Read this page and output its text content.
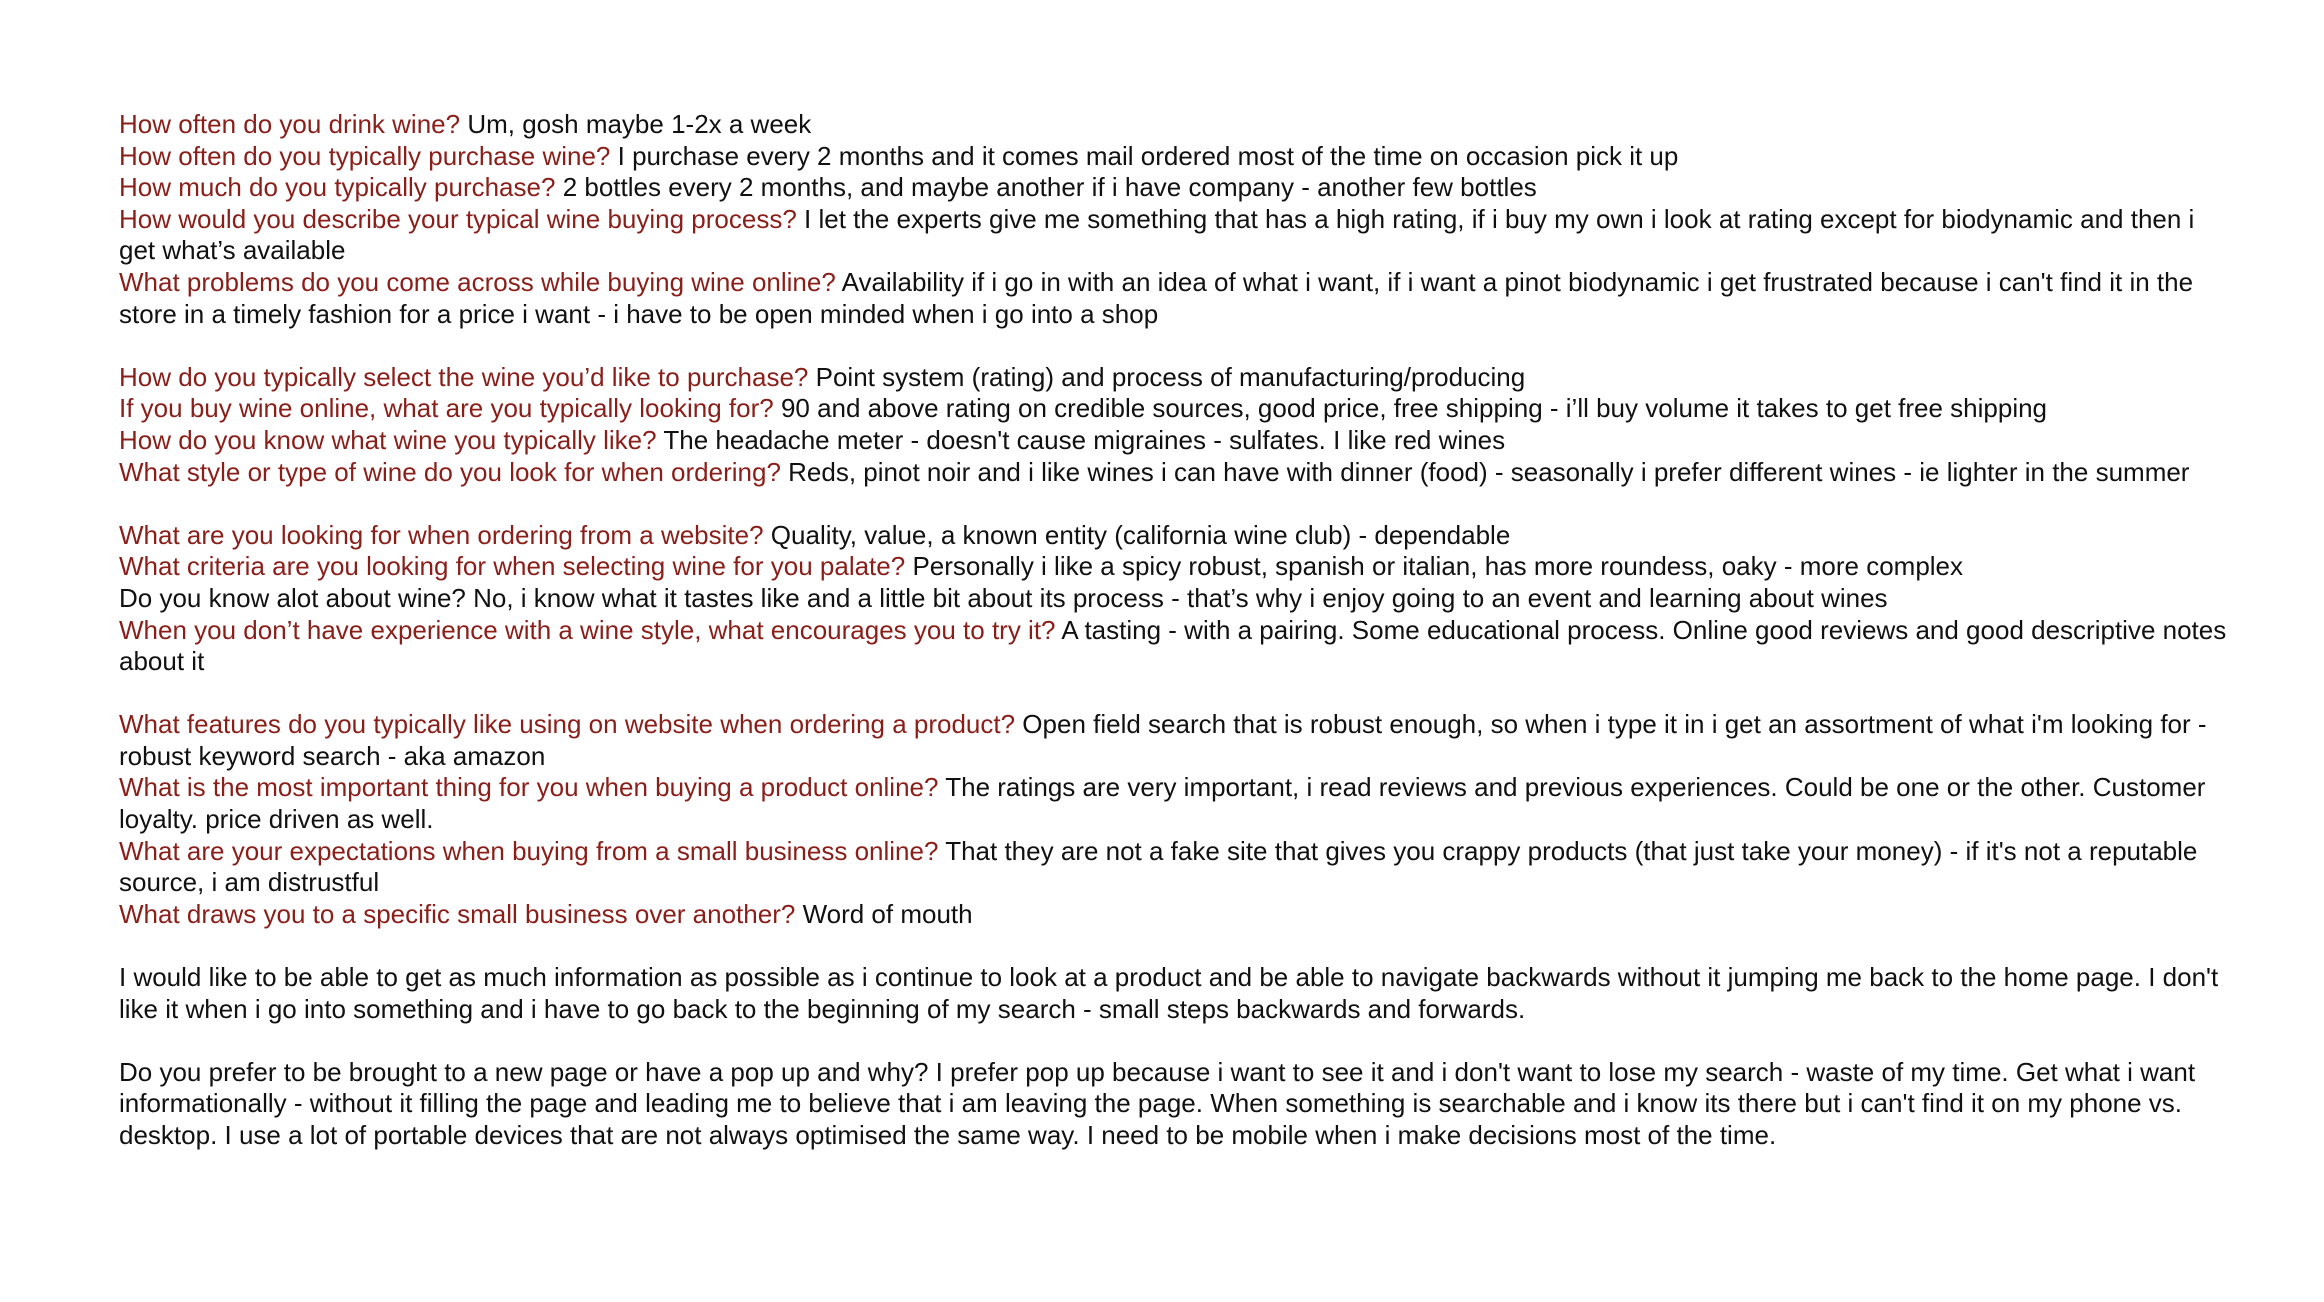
How often do you drink wine? Um, gosh maybe 1-2x a week

How often do you typically purchase wine? I purchase every 2 months and it comes mail ordered most of the time on occasion pick it up

How much do you typically purchase? 2 bottles every 2 months, and maybe another if i have company - another few bottles

How would you describe your typical wine buying process? I let the experts give me something that has a high rating, if i buy my own i look at rating except for biodynamic and then i get what’s available

What problems do you come across while buying wine online? Availability if i go in with an idea of what i want, if i want a pinot biodynamic i get frustrated because i can't find it in the store in a timely fashion for a price i want - i have to be open minded when i go into a shop

How do you typically select the wine you’d like to purchase? Point system (rating) and process of manufacturing/producing

If you buy wine online, what are you typically looking for? 90 and above rating on credible sources, good price, free shipping - i’ll buy volume it takes to get free shipping

How do you know what wine you typically like? The headache meter - doesn't cause migraines - sulfates. I like red wines

What style or type of wine do you look for when ordering? Reds, pinot noir and i like wines i can have with dinner (food) - seasonally i prefer different wines - ie lighter in the summer

What are you looking for when ordering from a website? Quality, value, a known entity (california wine club) - dependable

What criteria are you looking for when selecting wine for you palate? Personally i like a spicy robust, spanish or italian, has more roundess, oaky - more complex

Do you know alot about wine? No, i know what it tastes like and a little bit about its process - that’s why i enjoy going to an event and learning about wines

When you don’t have experience with a wine style, what encourages you to try it? A tasting - with a pairing. Some educational process. Online good reviews and good descriptive notes about it

What features do you typically like using on website when ordering a product? Open field search that is robust enough, so when i type it in i get an assortment of what i'm looking for - robust keyword search - aka amazon

What is the most important thing for you when buying a product online? The ratings are very important, i read reviews and previous experiences. Could be one or the other. Customer loyalty. price driven as well.

What are your expectations when buying from a small business online? That they are not a fake site that gives you crappy products (that just take your money) - if it's not a reputable source, i am distrustful

What draws you to a specific small business over another? Word of mouth

I would like to be able to get as much information as possible as i continue to look at a product and be able to navigate backwards without it jumping me back to the home page. I don't like it when i go into something and i have to go back to the beginning of my search - small steps backwards and forwards.

Do you prefer to be brought to a new page or have a pop up and why? I prefer pop up because i want to see it and i don't want to lose my search - waste of my time. Get what i want informationally - without it filling the page and leading me to believe that i am leaving the page. When something is searchable and i know its there but i can't find it on my phone vs. desktop. I use a lot of portable devices that are not always optimised the same way. I need to be mobile when i make decisions most of the time.
